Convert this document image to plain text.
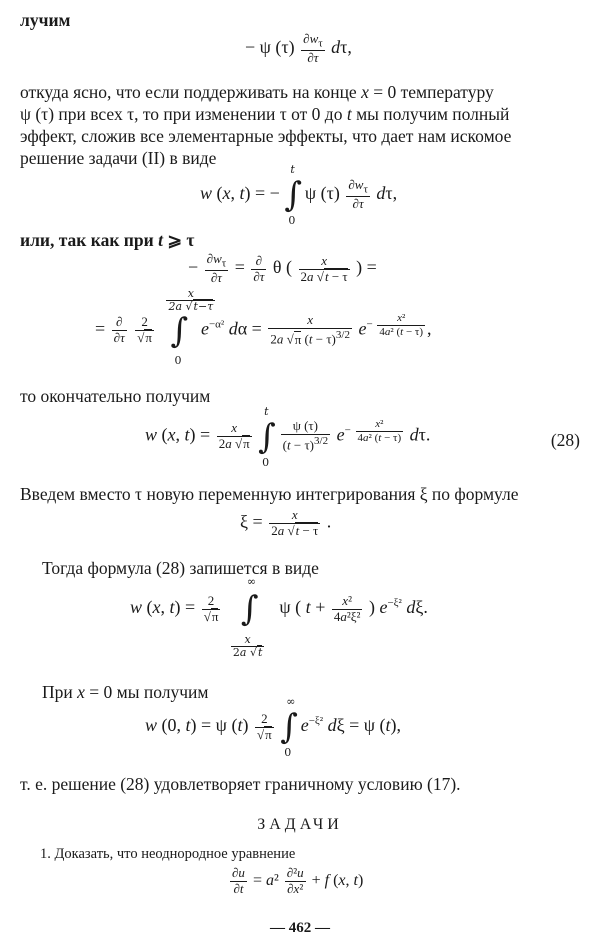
лучим
− ψ $(\tau) \frac{\partial w_\tau}{\partial\tau} d\tau$,
откуда ясно, что если поддерживать на конце x = 0 температуру
ψ (τ) при всех τ, то при изменении τ от 0 до t мы получим полный
эффект, сложив все элементарные эффекты, что дает нам искомое
решение задачи (II) в виде
w (x, t) = − ∫
t
0
ψ $(\tau) \frac{\partial w_\tau}{\partial\tau} d\tau$,
или, так как при t ⩾ τ
− $\frac{\partial w_\tau}{\partial\tau} = \frac{\partial}{\partial\tau}$ θ ( $\frac{x}{2a √t - \tau}$ ) =
= $\frac{\partial}{\partial\tau}$
$\frac{2}{√\pi}$ ∫
$\frac{x}{2a √t-\tau}$
0
$e^{-\alpha^2}$ $d\alpha = \frac{x}{2a √\pi (t - \tau)^{3/2}} e- \frac{\text{x²}}{\text{4a² (t − τ)}}$ ,
то окончательно получим
w (x, $t) = \frac{x}{2a √\pi}$ ∫
t
0

$\frac{\psi (\tau)}{(t - \tau)^{3/2}} e- \frac{\text{x²}}{\text{4a² (t − τ)}} d\tau$.	(28)
Введем вместо τ новую переменную интегрирования ξ по формуле
$\xi = \frac{x}{2a √t - \tau}$ .
Тогда формула (28) запишется в виде
w (x, $t) = \frac{2}{√\pi}$ ∫
∞
$\frac{x}{2a √t}$
ψ ( $t + \frac{\text{x²}}{\text{4a²ξ²}}$ ) $e^{-\xi^2}$ dξ.
При x = 0 мы получим
w (0, t) = ψ $(t) \frac{2}{√\pi}$ ∫
∞
0
$e^{-\xi^2}$ dξ = ψ (t),
т. е. решение (28) удовлетворяет граничному условию (17).
ЗАДАЧИ
1. Доказать, что неоднородное уравнение
$\frac{\partial u}{\partial t} = a^2 \frac{\text{∂²u}}{\text{∂x²}} + f$ (x, t)
— 462 —
